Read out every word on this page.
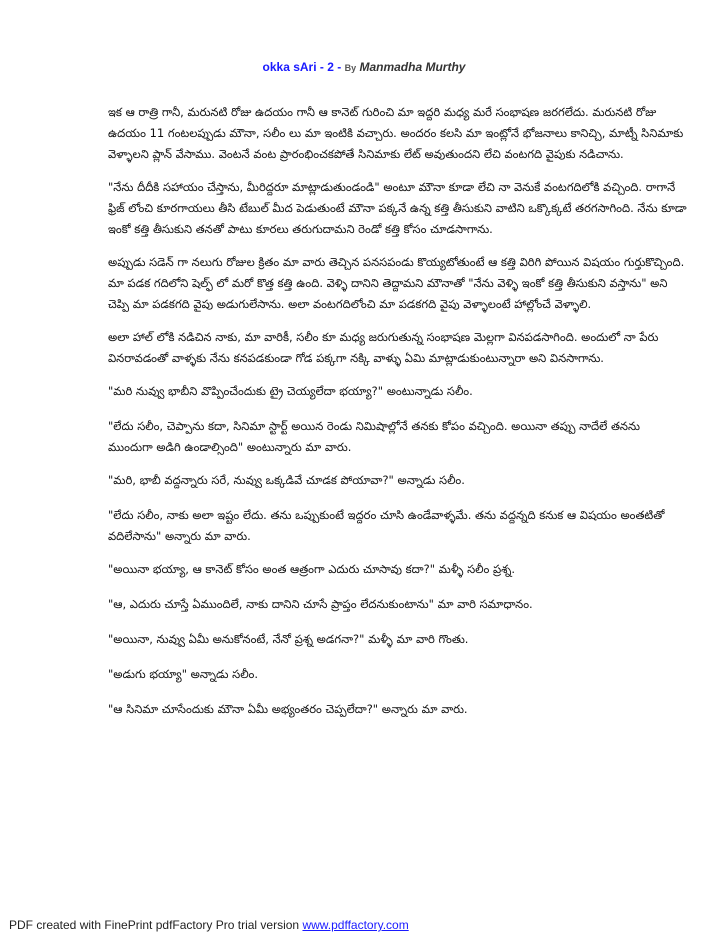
okka sAri - 2 - By Manmadha Murthy

ఇక ఆ రాత్రి గానీ, మరునటి రోజు ఉదయం గానీ ఆ కానెట్ గురించి మా ఇద్దరి మధ్య మరే సంభాషణ జరగలేదు. మరునటి రోజు ఉదయం 11 గంటలప్పుడు మౌనా, సలీం లు మా ఇంటికి వచ్చారు. అందరం కలసి మా ఇంట్లోనే భోజనాలు కానిచ్చి, మాట్నీ సినిమాకు వెళ్ళాలని ప్లాన్ వేసాము. వెంటనే వంట ప్రారంభించకపోతే సినిమాకు లేట్ అవుతుందని లేచి వంటగది వైపుకు నడిచాను.

"నేను దీదీకి సహాయం చేస్తాను, మీరిద్దరూ మాట్లాడుతుండండి" అంటూ మౌనా కూడా లేచి నా వెనుకే వంటగదిలోకి వచ్చింది. రాగానే ఫ్రిజ్ లోంచి కూరగాయలు తీసి టేబుల్ మీద పెడుతుంటే మౌనా పక్కనే ఉన్న కత్తి తీసుకుని వాటిని ఒక్కొక్కటే తరగసాగింది. నేను కూడా ఇంకో కత్తి తీసుకుని తనతో పాటు కూరలు తరుగుదామని రెండో కత్తి కోసం చూడసాగాను.

అప్పుడు సడెన్ గా నలుగు రోజుల క్రితం మా వారు తెచ్చిన పనసపండు కొయ్యటోతుంటే ఆ కత్తి విరిగి పోయిన విషయం గుర్తుకొచ్చింది. మా పడక గదిలోని షెల్ఫ్ లో మరో కొత్త కత్తి ఉంది. వెళ్ళి దానిని తెద్దామని మౌనాతో "నేను వెళ్ళి ఇంకో కత్తి తీసుకుని వస్తాను" అని చెప్పి మా పడకగది వైపు అడుగులేసాను. అలా వంటగదిలోంచి మా పడకగది వైపు వెళ్ళాలంటే హాల్లోంచే వెళ్ళాలి.

అలా హాల్ లోకి నడిచిన నాకు, మా వారికీ, సలీం కూ మధ్య జరుగుతున్న సంభాషణ మెల్లగా వినపడసాగింది. అందులో నా పేరు వినరావడంతో వాళ్ళకు నేను కనపడకుండా గోడ పక్కగా నక్కి వాళ్ళు ఏమి మాట్లాడుకుంటున్నారా అని వినసాగాను.

"మరి నువ్వు భాబీని వొప్పించేందుకు ట్రై చెయ్యలేదా భయ్యా?" అంటున్నాడు సలీం.

"లేదు సలీం, చెప్పాను కదా, సినిమా స్టార్ట్ అయిన రెండు నిమిషాల్లోనే తనకు కోపం వచ్చింది. అయినా తప్పు నాదేలే తనను ముందుగా అడిగి ఉండాల్సింది" అంటున్నారు మా వారు.

"మరి, భాబీ వద్దన్నారు సరే, నువ్వు ఒక్కడివే చూడక పోయావా?" అన్నాడు సలీం.

"లేదు సలీం, నాకు అలా ఇష్టం లేదు. తను ఒప్పుకుంటే ఇద్దరం చూసి ఉండేవాళ్ళమే. తను వద్దన్నది కనుక ఆ విషయం అంతటితో వదిలేసాను" అన్నారు మా వారు.

"అయినా భయ్యా, ఆ కానెట్ కోసం అంత ఆత్రంగా ఎదురు చూసావు కదా?" మళ్ళీ సలీం ప్రశ్న.

"ఆ, ఎదురు చూస్తే ఏముందిలే, నాకు దానిని చూసే ప్రాప్తం లేదనుకుంటాను" మా వారి సమాధానం.

"అయినా, నువ్వు ఏమీ అనుకోనంటే, నేనో ప్రశ్న అడగనా?" మళ్ళీ మా వారి గొంతు.

"అడుగు భయ్యా" అన్నాడు సలీం.

"ఆ సినిమా చూసేందుకు మౌనా ఏమీ అభ్యంతరం చెప్పలేదా?" అన్నారు మా వారు.

PDF created with FinePrint pdfFactory Pro trial version www.pdffactory.com
